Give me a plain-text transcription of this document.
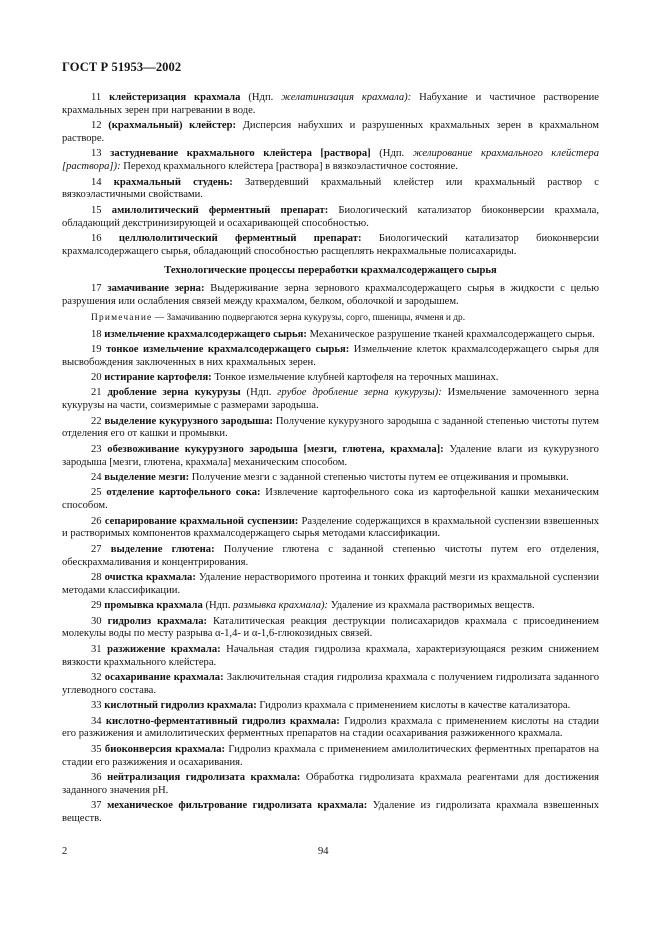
ГОСТ Р 51953—2002

11 клейстеризация крахмала (Ндп. желатинизация крахмала): Набухание и частичное растворение крахмальных зерен при нагревании в воде.

12 (крахмальный) клейстер: Дисперсия набухших и разрушенных крахмальных зерен в крахмальном растворе.

13 застудневание крахмального клейстера [раствора] (Ндп. желирование крахмального клейстера [раствора]): Переход крахмального клейстера [раствора] в вязкоэластичное состояние.

14 крахмальный студень: Затвердевший крахмальный клейстер или крахмальный раствор с вязкоэластичными свойствами.

15 амилолитический ферментный препарат: Биологический катализатор биоконверсии крахмала, обладающий декстринизирующей и осахаривающей способностью.

16 целлюлолитический ферментный препарат: Биологический катализатор биоконверсии крахмалсодержащего сырья, обладающий способностью расщеплять некрахмальные полисахариды.

Технологические процессы переработки крахмалсодержащего сырья

17 замачивание зерна: Выдерживание зерна зернового крахмалсодержащего сырья в жидкости с целью разрушения или ослабления связей между крахмалом, белком, оболочкой и зародышем.

Примечание — Замачиванию подвергаются зерна кукурузы, сорго, пшеницы, ячменя и др.

18 измельчение крахмалсодержащего сырья: Механическое разрушение тканей крахмалсодержащего сырья.

19 тонкое измельчение крахмалсодержащего сырья: Измельчение клеток крахмалсодержащего сырья для высвобождения заключенных в них крахмальных зерен.

20 истирание картофеля: Тонкое измельчение клубней картофеля на терочных машинах.

21 дробление зерна кукурузы (Ндп. грубое дробление зерна кукурузы): Измельчение замоченного зерна кукурузы на части, соизмеримые с размерами зародыша.

22 выделение кукурузного зародыша: Получение кукурузного зародыша с заданной степенью чистоты путем отделения его от кашки и промывки.

23 обезвоживание кукурузного зародыша [мезги, глютена, крахмала]: Удаление влаги из кукурузного зародыша [мезги, глютена, крахмала] механическим способом.

24 выделение мезги: Получение мезги с заданной степенью чистоты путем ее отцеживания и промывки.

25 отделение картофельного сока: Извлечение картофельного сока из картофельной кашки механическим способом.

26 сепарирование крахмальной суспензии: Разделение содержащихся в крахмальной суспензии взвешенных и растворимых компонентов крахмалсодержащего сырья методами классификации.

27 выделение глютена: Получение глютена с заданной степенью чистоты путем его отделения, обескрахмаливания и концентрирования.

28 очистка крахмала: Удаление нерастворимого протеина и тонких фракций мезги из крахмальной суспензии методами классификации.

29 промывка крахмала (Ндп. размывка крахмала): Удаление из крахмала растворимых веществ.

30 гидролиз крахмала: Каталитическая реакция деструкции полисахаридов крахмала с присоединением молекулы воды по месту разрыва α-1,4- и α-1,6-глюкозидных связей.

31 разжижение крахмала: Начальная стадия гидролиза крахмала, характеризующаяся резким снижением вязкости крахмального клейстера.

32 осахаривание крахмала: Заключительная стадия гидролиза крахмала с получением гидролизата заданного углеводного состава.

33 кислотный гидролиз крахмала: Гидролиз крахмала с применением кислоты в качестве катализатора.

34 кислотно-ферментативный гидролиз крахмала: Гидролиз крахмала с применением кислоты на стадии его разжижения и амилолитических ферментных препаратов на стадии осахаривания разжиженного крахмала.

35 биоконверсия крахмала: Гидролиз крахмала с применением амилолитических ферментных препаратов на стадии его разжижения и осахаривания.

36 нейтрализация гидролизата крахмала: Обработка гидролизата крахмала реагентами для достижения заданного значения pH.

37 механическое фильтрование гидролизата крахмала: Удаление из гидролизата крахмала взвешенных веществ.

2	94
